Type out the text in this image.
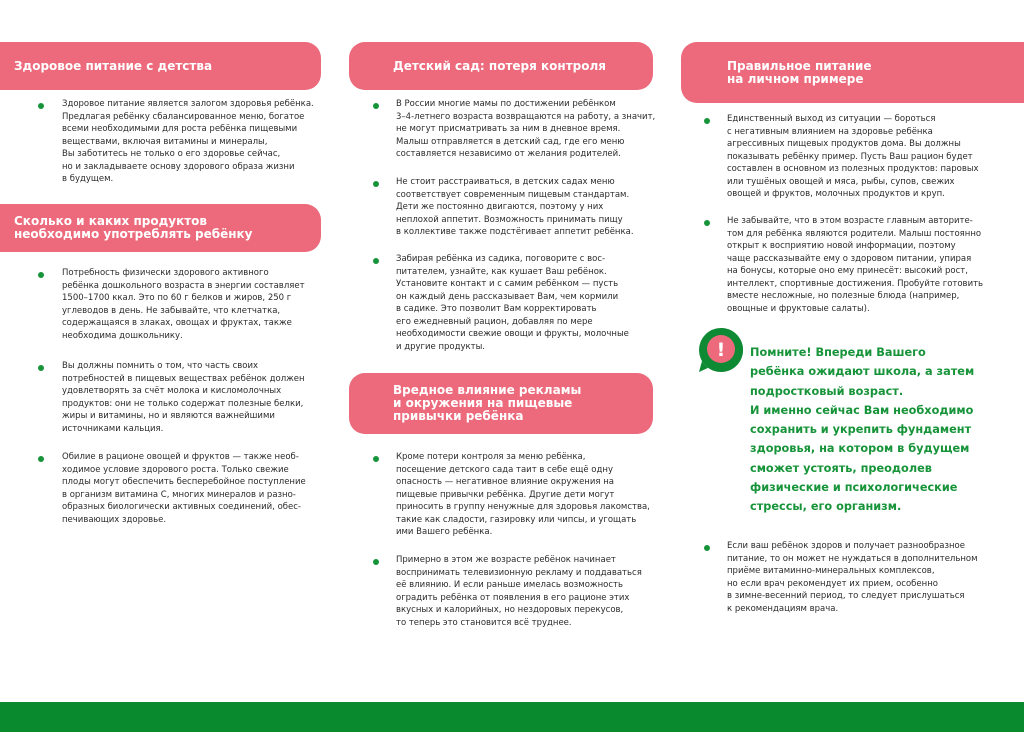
Здоровое питание с детства
Здоровое питание является залогом здоровья ребёнка.
Предлагая ребёнку сбалансированное меню, богатое
всеми необходимыми для роста ребёнка пищевыми
веществами, включая витамины и минералы,
Вы заботитесь не только о его здоровье сейчас,
но и закладываете основу здорового образа жизни
в будущем.
Сколько и каких продуктов
необходимо употреблять ребёнку
Потребность физически здорового активного
ребёнка дошкольного возраста в энергии составляет
1500–1700 ккал. Это по 60 г белков и жиров, 250 г
углеводов в день. Не забывайте, что клетчатка,
содержащаяся в злаках, овощах и фруктах, также
необходима дошкольнику.
Вы должны помнить о том, что часть своих
потребностей в пищевых веществах ребёнок должен
удовлетворять за счёт молока и кисломолочных
продуктов: они не только содержат полезные белки,
жиры и витамины, но и являются важнейшими
источниками кальция.
Обилие в рационе овощей и фруктов — также необ-
ходимое условие здорового роста. Только свежие
плоды могут обеспечить бесперебойное поступление
в организм витамина С, многих минералов и разно-
образных биологически активных соединений, обес-
печивающих здоровье.
Детский сад: потеря контроля
В России многие мамы по достижении ребёнком
3–4-летнего возраста возвращаются на работу, а значит,
не могут присматривать за ним в дневное время.
Малыш отправляется в детский сад, где его меню
составляется независимо от желания родителей.
Не стоит расстраиваться, в детских садах меню
соответствует современным пищевым стандартам.
Дети же постоянно двигаются, поэтому у них
неплохой аппетит. Возможность принимать пищу
в коллективе также подстёгивает аппетит ребёнка.
Забирая ребёнка из садика, поговорите с вос-
питателем, узнайте, как кушает Ваш ребёнок.
Установите контакт и с самим ребёнком — пусть
он каждый день рассказывает Вам, чем кормили
в садике. Это позволит Вам корректировать
его ежедневный рацион, добавляя по мере
необходимости свежие овощи и фрукты, молочные
и другие продукты.
Вредное влияние рекламы
и окружения на пищевые
привычки ребёнка
Кроме потери контроля за меню ребёнка,
посещение детского сада таит в себе ещё одну
опасность — негативное влияние окружения на
пищевые привычки ребёнка. Другие дети могут
приносить в группу ненужные для здоровья лакомства,
такие как сладости, газировку или чипсы, и угощать
ими Вашего ребёнка.
Примерно в этом же возрасте ребёнок начинает
воспринимать телевизионную рекламу и поддаваться
её влиянию. И если раньше имелась возможность
оградить ребёнка от появления в его рационе этих
вкусных и калорийных, но нездоровых перекусов,
то теперь это становится всё труднее.
Правильное питание
на личном примере
Единственный выход из ситуации — бороться
с негативным влиянием на здоровье ребёнка
агрессивных пищевых продуктов дома. Вы должны
показывать ребёнку пример. Пусть Ваш рацион будет
составлен в основном из полезных продуктов: паровых
или тушёных овощей и мяса, рыбы, супов, свежих
овощей и фруктов, молочных продуктов и круп.
Не забывайте, что в этом возрасте главным авторите-
том для ребёнка являются родители. Малыш постоянно
открыт к восприятию новой информации, поэтому
чаще рассказывайте ему о здоровом питании, упирая
на бонусы, которые оно ему принесёт: высокий рост,
интеллект, спортивные достижения. Пробуйте готовить
вместе несложные, но полезные блюда (например,
овощные и фруктовые салаты).
! Помните! Впереди Вашего
ребёнка ожидают школа, а затем
подростковый возраст.
И именно сейчас Вам необходимо
сохранить и укрепить фундамент
здоровья, на котором в будущем
сможет устоять, преодолев
физические и психологические
стрессы, его организм.
Если ваш ребёнок здоров и получает разнообразное
питание, то он может не нуждаться в дополнительном
приёме витаминно-минеральных комплексов,
но если врач рекомендует их прием, особенно
в зимне-весенний период, то следует прислушаться
к рекомендациям врача.
